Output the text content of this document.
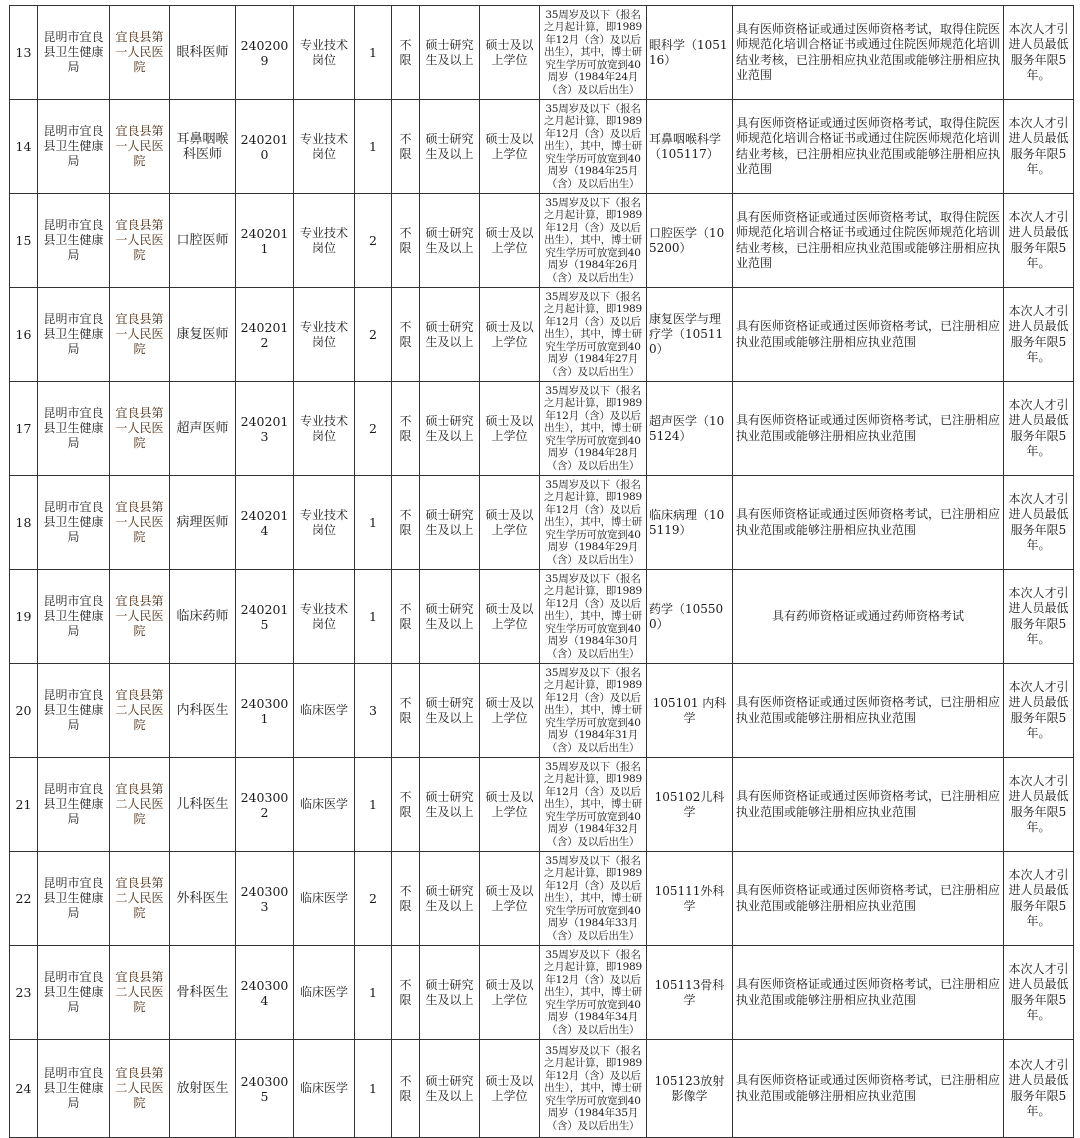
13	昆明市宜良县卫生健康局	宜良县第一人民医院	眼科医师	2402009	专业技术岗位	1	不限	硕士研究生及以上	硕士及以上学位	35周岁及以下（报名之月起计算，即1989年12月（含）及以后出生），其中，博士研究生学历可放宽到40周岁（1984年24月（含）及以后出生）	眼科学（105116）	具有医师资格证或通过医师资格考试，取得住院医师规范化培训合格证书或通过住院医师规范化培训结业考核，已注册相应执业范围或能够注册相应执业范围	本次人才引进人员最低服务年限5年。
14	昆明市宜良县卫生健康局	宜良县第一人民医院	耳鼻咽喉科医师	2402010	专业技术岗位	1	不限	硕士研究生及以上	硕士及以上学位	35周岁及以下（报名之月起计算，即1989年12月（含）及以后出生），其中，博士研究生学历可放宽到40周岁（1984年25月（含）及以后出生）	耳鼻咽喉科学（105117）	具有医师资格证或通过医师资格考试，取得住院医师规范化培训合格证书或通过住院医师规范化培训结业考核，已注册相应执业范围或能够注册相应执业范围	本次人才引进人员最低服务年限5年。
15	昆明市宜良县卫生健康局	宜良县第一人民医院	口腔医师	2402011	专业技术岗位	2	不限	硕士研究生及以上	硕士及以上学位	35周岁及以下（报名之月起计算，即1989年12月（含）及以后出生），其中，博士研究生学历可放宽到40周岁（1984年26月（含）及以后出生）	口腔医学（105200）	具有医师资格证或通过医师资格考试，取得住院医师规范化培训合格证书或通过住院医师规范化培训结业考核，已注册相应执业范围或能够注册相应执业范围	本次人才引进人员最低服务年限5年。
16	昆明市宜良县卫生健康局	宜良县第一人民医院	康复医师	2402012	专业技术岗位	2	不限	硕士研究生及以上	硕士及以上学位	35周岁及以下（报名之月起计算，即1989年12月（含）及以后出生），其中，博士研究生学历可放宽到40周岁（1984年27月（含）及以后出生）	康复医学与理疗学（105110）	具有医师资格证或通过医师资格考试，已注册相应执业范围或能够注册相应执业范围	本次人才引进人员最低服务年限5年。
17	昆明市宜良县卫生健康局	宜良县第一人民医院	超声医师	2402013	专业技术岗位	2	不限	硕士研究生及以上	硕士及以上学位	35周岁及以下（报名之月起计算，即1989年12月（含）及以后出生），其中，博士研究生学历可放宽到40周岁（1984年28月（含）及以后出生）	超声医学（105124）	具有医师资格证或通过医师资格考试，已注册相应执业范围或能够注册相应执业范围	本次人才引进人员最低服务年限5年。
18	昆明市宜良县卫生健康局	宜良县第一人民医院	病理医师	2402014	专业技术岗位	1	不限	硕士研究生及以上	硕士及以上学位	35周岁及以下（报名之月起计算，即1989年12月（含）及以后出生），其中，博士研究生学历可放宽到40周岁（1984年29月（含）及以后出生）	临床病理（105119）	具有医师资格证或通过医师资格考试，已注册相应执业范围或能够注册相应执业范围	本次人才引进人员最低服务年限5年。
19	昆明市宜良县卫生健康局	宜良县第一人民医院	临床药师	2402015	专业技术岗位	1	不限	硕士研究生及以上	硕士及以上学位	35周岁及以下（报名之月起计算，即1989年12月（含）及以后出生），其中，博士研究生学历可放宽到40周岁（1984年30月（含）及以后出生）	药学（105500）	具有药师资格证或通过药师资格考试	本次人才引进人员最低服务年限5年。
20	昆明市宜良县卫生健康局	宜良县第二人民医院	内科医生	2403001	临床医学	3	不限	硕士研究生及以上	硕士及以上学位	35周岁及以下（报名之月起计算，即1989年12月（含）及以后出生），其中，博士研究生学历可放宽到40周岁（1984年31月（含）及以后出生）	105101 内科学	具有医师资格证或通过医师资格考试，已注册相应执业范围或能够注册相应执业范围	本次人才引进人员最低服务年限5年。
21	昆明市宜良县卫生健康局	宜良县第二人民医院	儿科医生	2403002	临床医学	1	不限	硕士研究生及以上	硕士及以上学位	35周岁及以下（报名之月起计算，即1989年12月（含）及以后出生），其中，博士研究生学历可放宽到40周岁（1984年32月（含）及以后出生）	105102儿科学	具有医师资格证或通过医师资格考试，已注册相应执业范围或能够注册相应执业范围	本次人才引进人员最低服务年限5年。
22	昆明市宜良县卫生健康局	宜良县第二人民医院	外科医生	2403003	临床医学	2	不限	硕士研究生及以上	硕士及以上学位	35周岁及以下（报名之月起计算，即1989年12月（含）及以后出生），其中，博士研究生学历可放宽到40周岁（1984年33月（含）及以后出生）	105111外科学	具有医师资格证或通过医师资格考试，已注册相应执业范围或能够注册相应执业范围	本次人才引进人员最低服务年限5年。
23	昆明市宜良县卫生健康局	宜良县第二人民医院	骨科医生	2403004	临床医学	1	不限	硕士研究生及以上	硕士及以上学位	35周岁及以下（报名之月起计算，即1989年12月（含）及以后出生），其中，博士研究生学历可放宽到40周岁（1984年34月（含）及以后出生）	105113骨科学	具有医师资格证或通过医师资格考试，已注册相应执业范围或能够注册相应执业范围	本次人才引进人员最低服务年限5年。
24	昆明市宜良县卫生健康局	宜良县第二人民医院	放射医生	2403005	临床医学	1	不限	硕士研究生及以上	硕士及以上学位	35周岁及以下（报名之月起计算，即1989年12月（含）及以后出生），其中，博士研究生学历可放宽到40周岁（1984年35月（含）及以后出生）	105123放射影像学	具有医师资格证或通过医师资格考试，已注册相应执业范围或能够注册相应执业范围	本次人才引进人员最低服务年限5年。
